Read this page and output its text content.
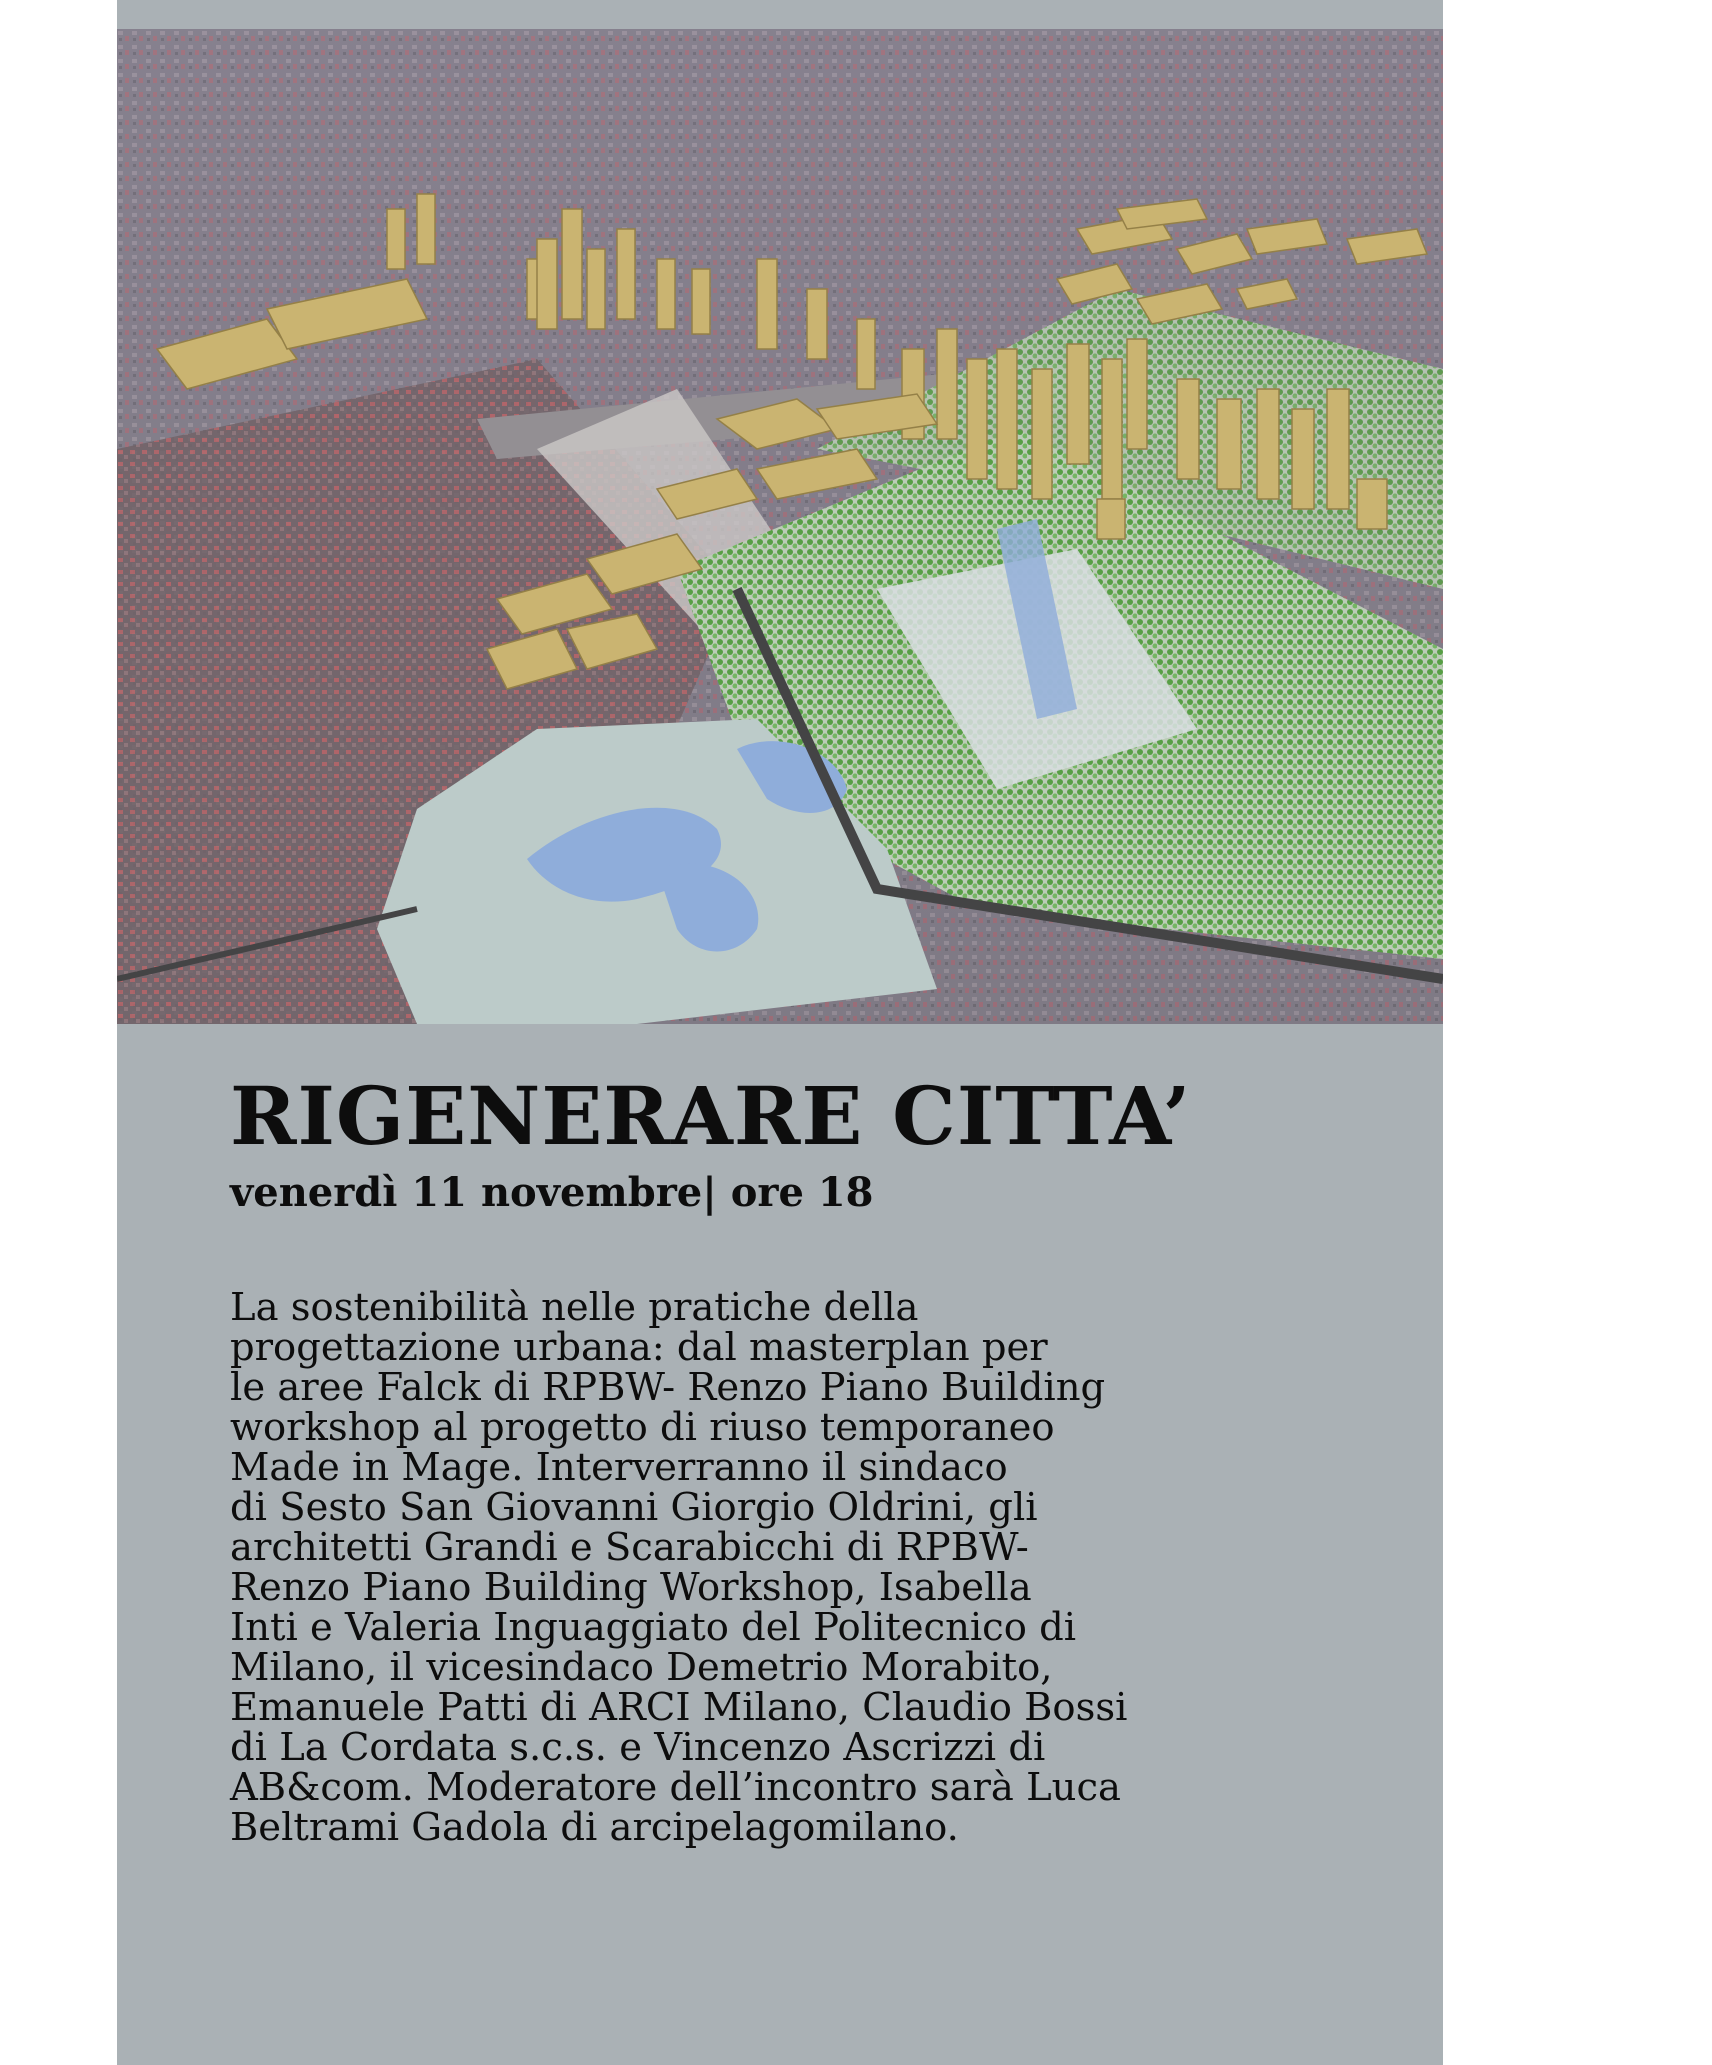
RIGENERARE CITTA’
venerdì 11 novembre| ore 18
La sostenibilità nelle pratiche della
progettazione urbana: dal masterplan per
le aree Falck di RPBW- Renzo Piano Building
workshop al progetto di riuso temporaneo
Made in Mage. Interverranno il sindaco
di Sesto San Giovanni Giorgio Oldrini, gli
architetti Grandi e Scarabicchi di RPBW-
Renzo Piano Building Workshop, Isabella
Inti e Valeria Inguaggiato del Politecnico di
Milano, il vicesindaco Demetrio Morabito,
Emanuele Patti di ARCI Milano, Claudio Bossi
di La Cordata s.c.s. e Vincenzo Ascrizzi di
AB&com. Moderatore dell’incontro sarà Luca
Beltrami Gadola di arcipelagomilano.
